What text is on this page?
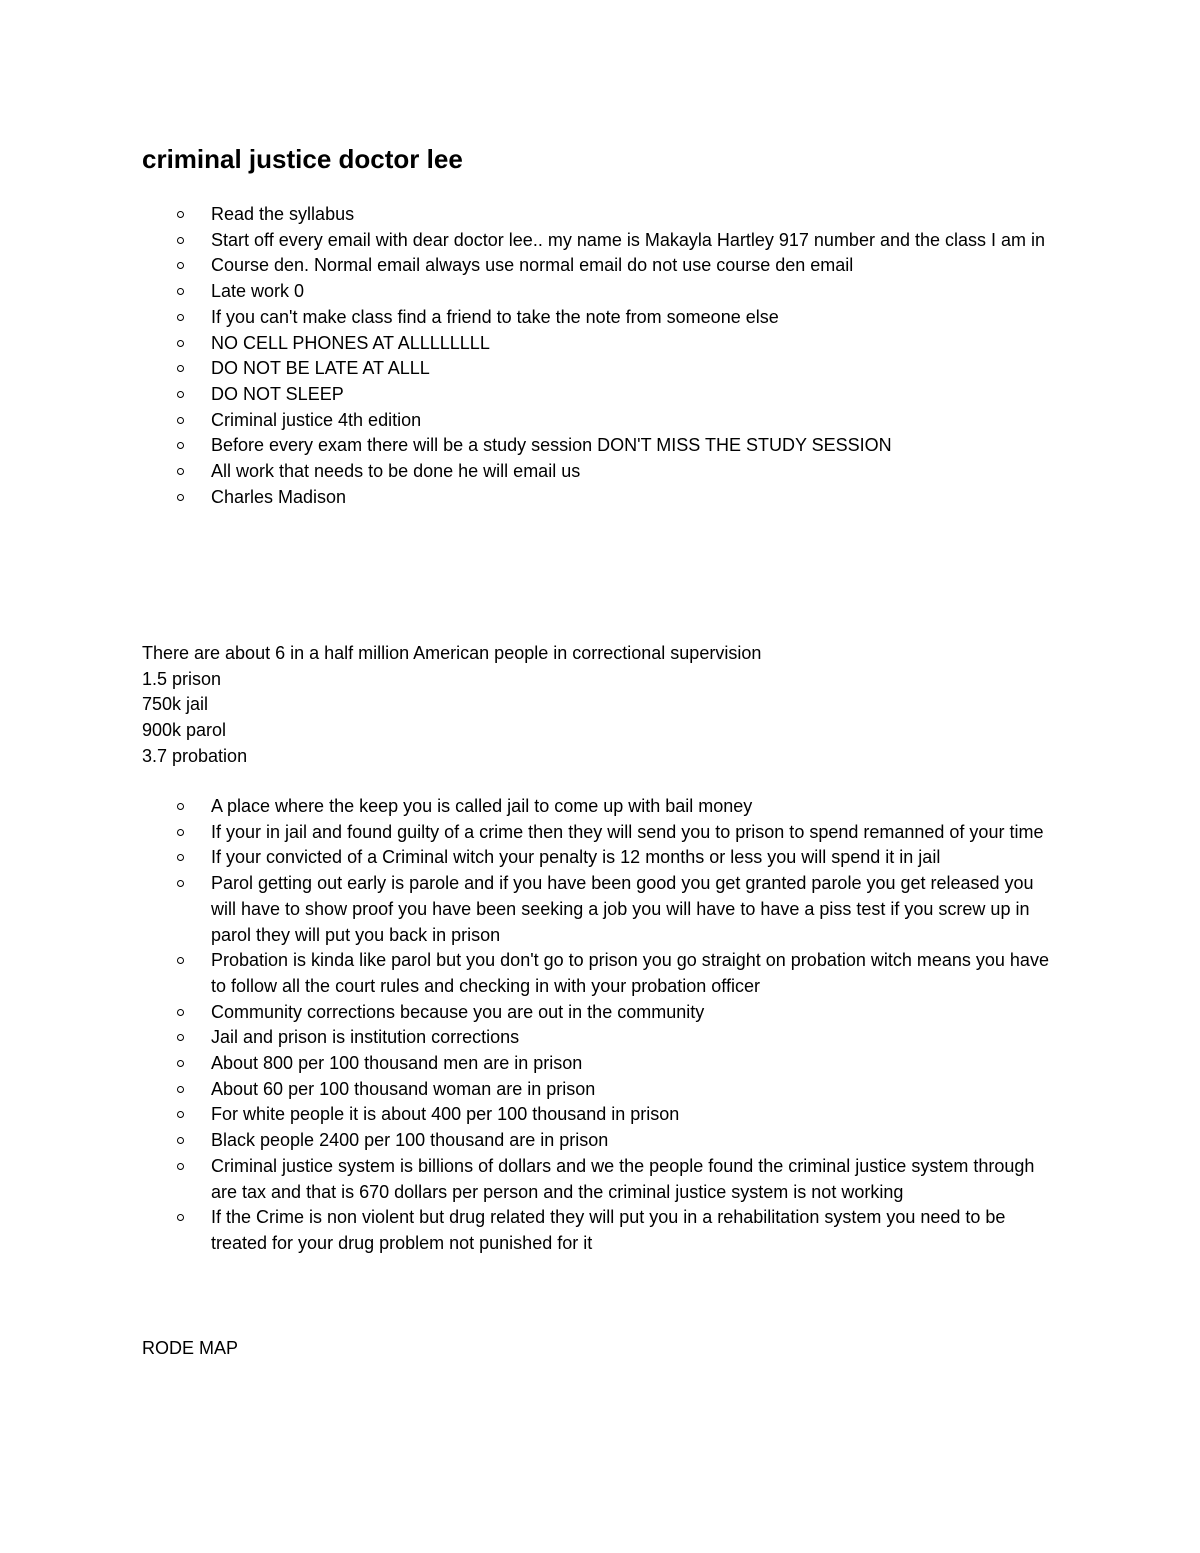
criminal justice doctor lee
Read the syllabus
Start off every email with dear doctor lee.. my name is Makayla Hartley 917 number and the class I am in
Course den. Normal email always use normal email do not use course den email
Late work 0
If you can't make class find a friend to take the note from someone else
NO CELL PHONES AT ALLLLLLLL
DO NOT BE LATE AT ALLL
DO NOT SLEEP
Criminal justice 4th edition
Before every exam there will be a study session DON'T MISS THE STUDY SESSION
All work that needs to be done he will email us
Charles Madison
There are about 6 in a half million American people in correctional supervision
1.5 prison
750k jail
900k parol
3.7 probation
A place where the keep you is called jail to come up with bail money
If your in jail and found guilty of a crime then they will send you to prison to spend remanned of your time
If your convicted of a Criminal witch your penalty is 12 months or less you will spend it in jail
Parol getting out early is parole and if you have been good you get granted parole you get released you will have to show proof you have been seeking a job you will have to have a piss test if you screw up in parol they will put you back in prison
Probation is kinda like parol but you don't go to prison you go straight on probation witch means you have to follow all the court rules and checking in with your probation officer
Community corrections because you are out in the community
Jail and prison is institution corrections
About 800 per 100 thousand men are in prison
About 60 per 100 thousand woman are in prison
For white people it is about 400 per 100 thousand in prison
Black people 2400 per 100 thousand are in prison
Criminal justice system is billions of dollars and we the people found the criminal justice system through are tax and that is 670 dollars per person and the criminal justice system is not working
If the Crime is non violent but drug related they will put you in a rehabilitation system you need to be treated for your drug problem not punished for it

RODE MAP
